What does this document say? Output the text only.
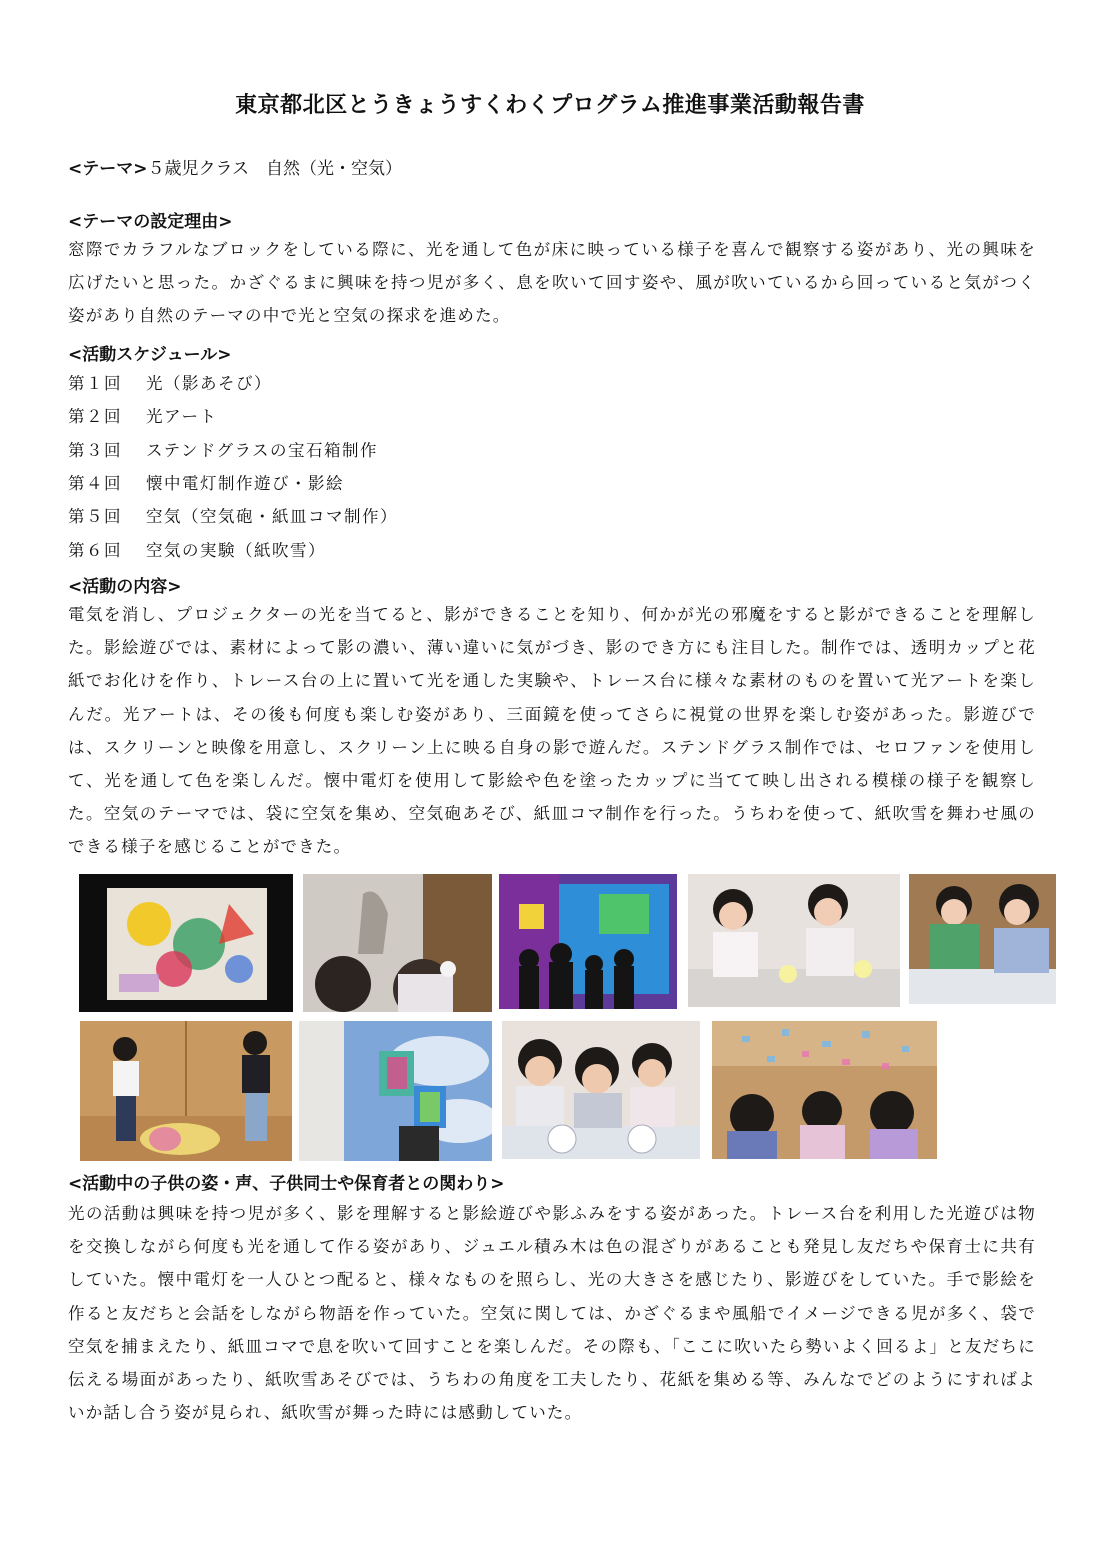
東京都北区とうきょうすくわくプログラム推進事業活動報告書
<テーマ>５歳児クラス　自然（光・空気）
<テーマの設定理由>
窓際でカラフルなブロックをしている際に、光を通して色が床に映っている様子を喜んで観察する姿があり、光の興味を広げたいと思った。かざぐるまに興味を持つ児が多く、息を吹いて回す姿や、風が吹いているから回っていると気がつく姿があり自然のテーマの中で光と空気の探求を進めた。
<活動スケジュール>
第１回 光（影あそび）
第２回 光アート
第３回 ステンドグラスの宝石箱制作
第４回 懐中電灯制作遊び・影絵
第５回 空気（空気砲・紙皿コマ制作）
第６回 空気の実験（紙吹雪）
<活動の内容>
電気を消し、プロジェクターの光を当てると、影ができることを知り、何かが光の邪魔をすると影ができることを理解した。影絵遊びでは、素材によって影の濃い、薄い違いに気がづき、影のでき方にも注目した。制作では、透明カップと花紙でお化けを作り、トレース台の上に置いて光を通した実験や、トレース台に様々な素材のものを置いて光アートを楽しんだ。光アートは、その後も何度も楽しむ姿があり、三面鏡を使ってさらに視覚の世界を楽しむ姿があった。影遊びでは、スクリーンと映像を用意し、スクリーン上に映る自身の影で遊んだ。ステンドグラス制作では、セロファンを使用して、光を通して色を楽しんだ。懐中電灯を使用して影絵や色を塗ったカップに当てて映し出される模様の様子を観察した。空気のテーマでは、袋に空気を集め、空気砲あそび、紙皿コマ制作を行った。うちわを使って、紙吹雪を舞わせ風のできる様子を感じることができた。
<活動中の子供の姿・声、子供同士や保育者との関わり>
光の活動は興味を持つ児が多く、影を理解すると影絵遊びや影ふみをする姿があった。トレース台を利用した光遊びは物を交換しながら何度も光を通して作る姿があり、ジュエル積み木は色の混ざりがあることも発見し友だちや保育士に共有していた。懐中電灯を一人ひとつ配ると、様々なものを照らし、光の大きさを感じたり、影遊びをしていた。手で影絵を作ると友だちと会話をしながら物語を作っていた。空気に関しては、かざぐるまや風船でイメージできる児が多く、袋で空気を捕まえたり、紙皿コマで息を吹いて回すことを楽しんだ。その際も、「ここに吹いたら勢いよく回るよ」と友だちに伝える場面があったり、紙吹雪あそびでは、うちわの角度を工夫したり、花紙を集める等、みんなでどのようにすればよいか話し合う姿が見られ、紙吹雪が舞った時には感動していた。
